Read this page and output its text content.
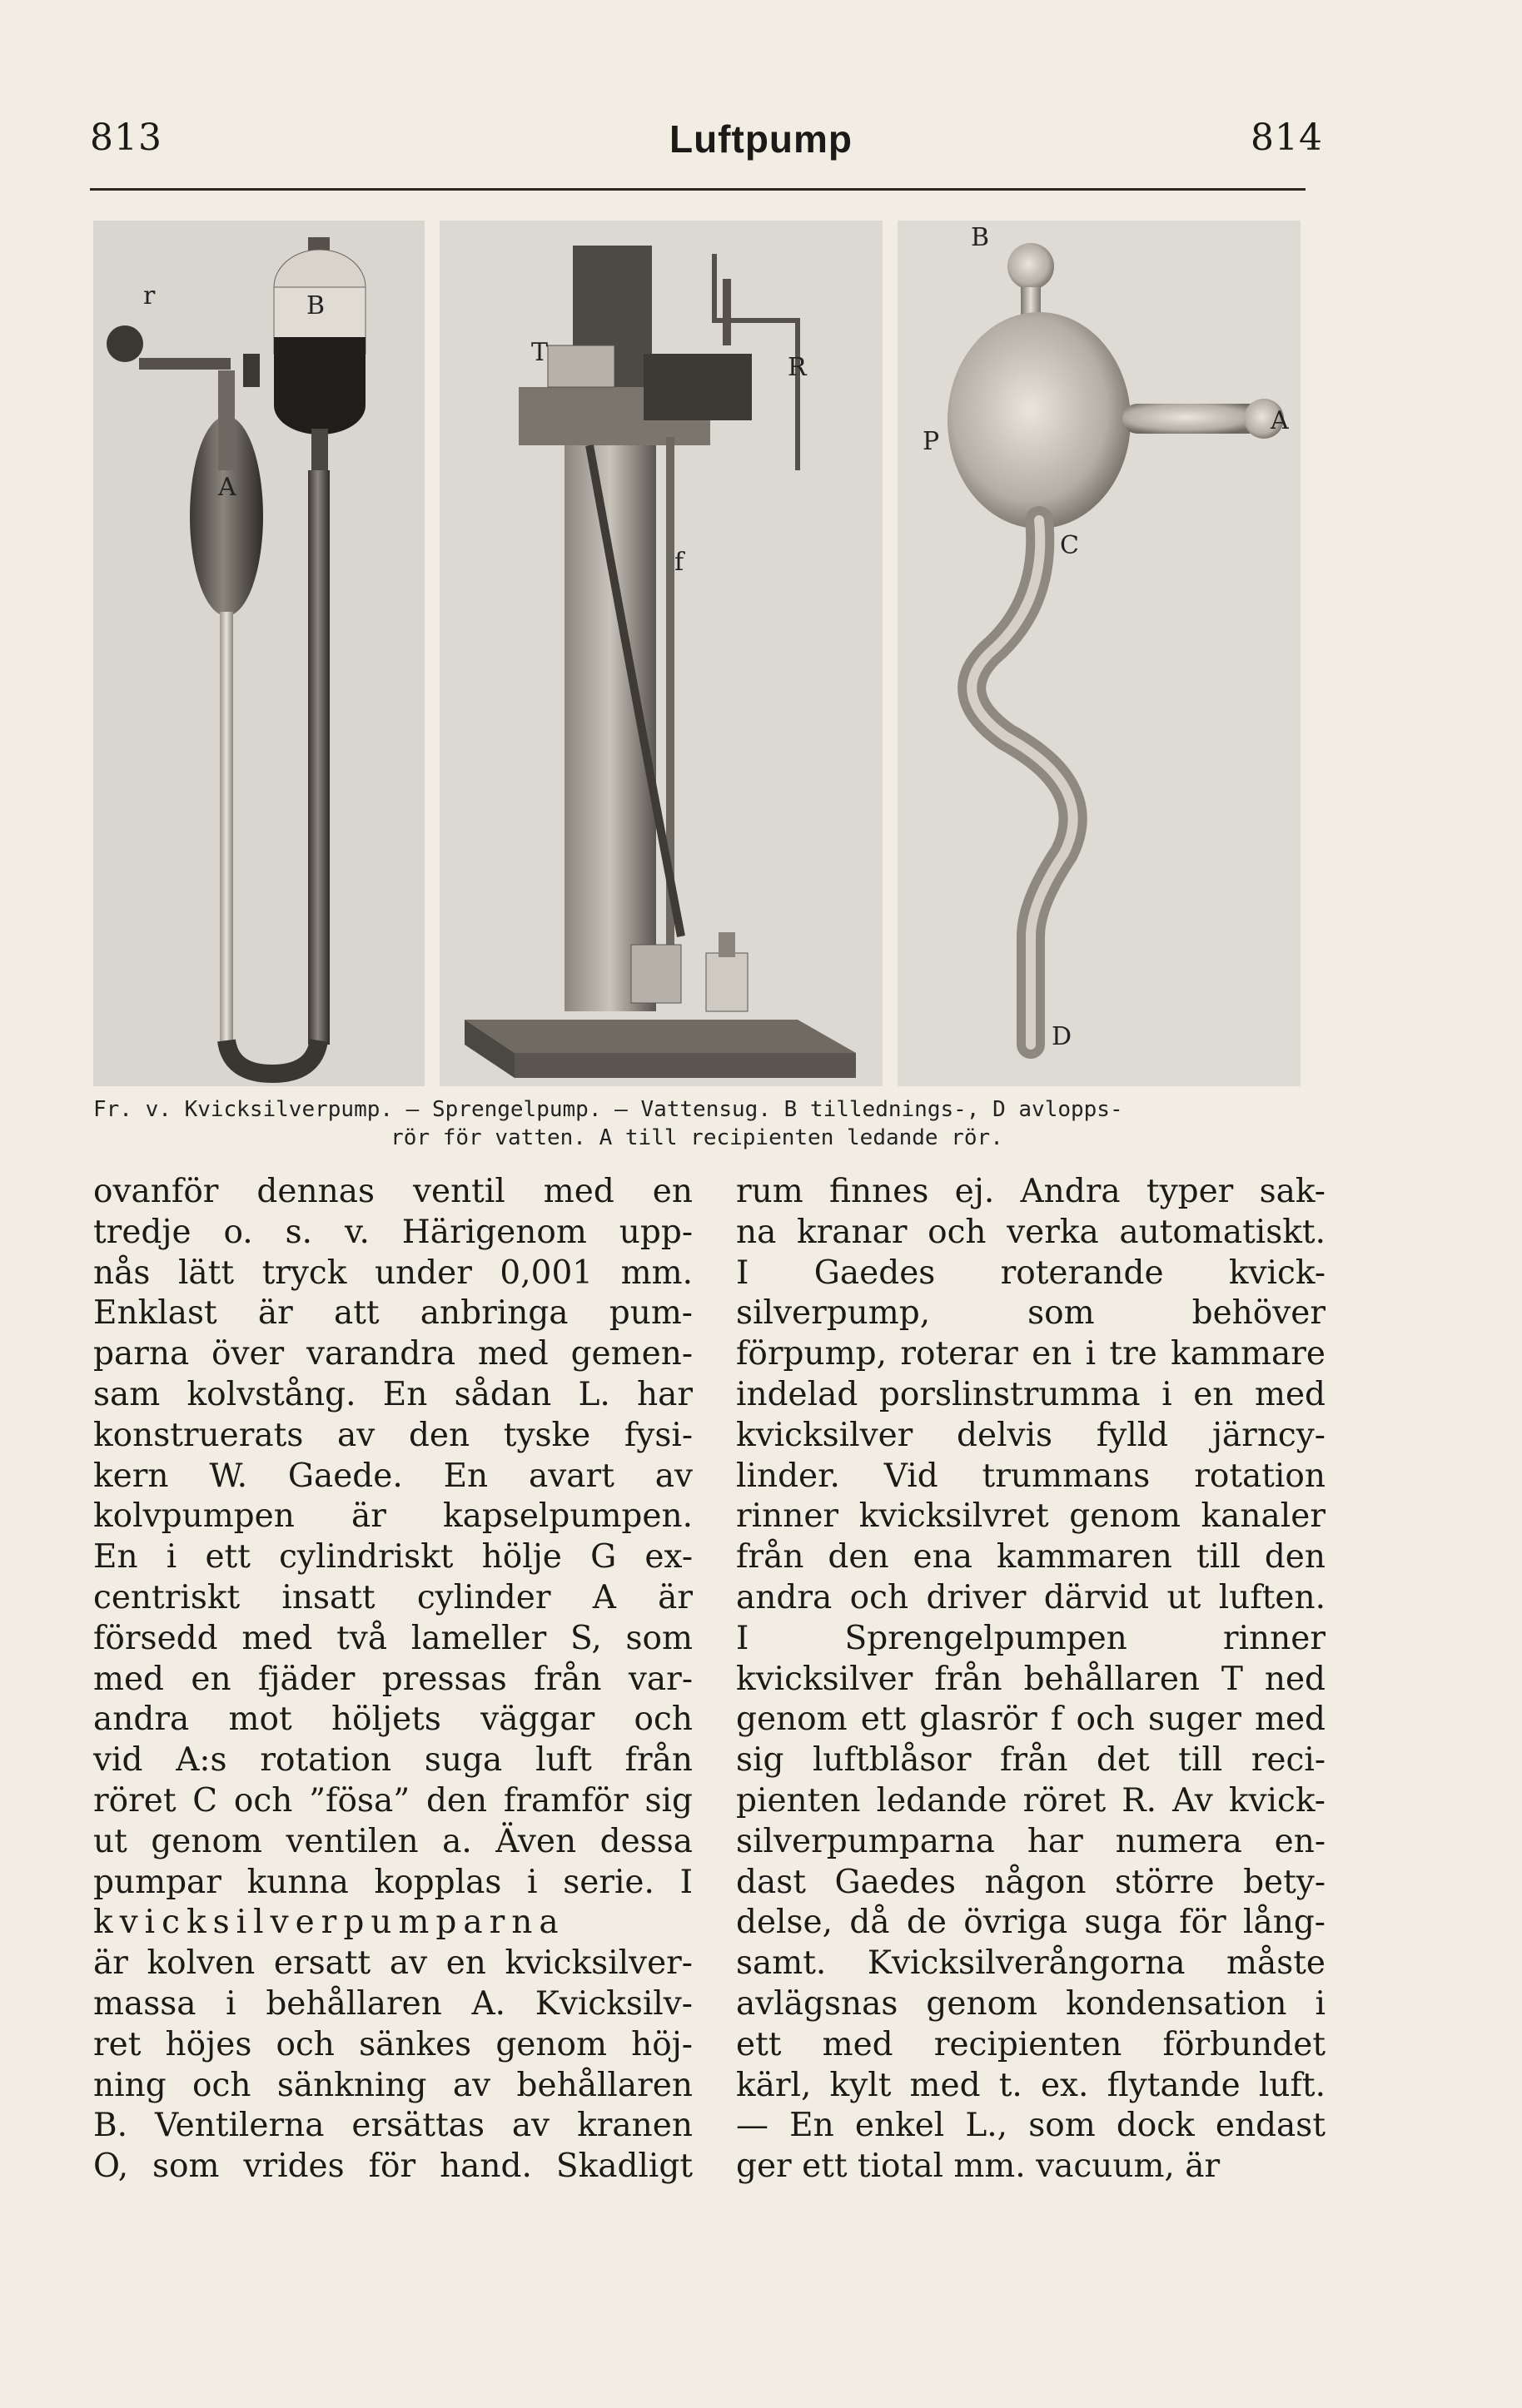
813	Luftpump	814
r	B
A
T
R
f
B
P
A
C
D
Fr. v. Kvicksilverpump. — Sprengelpump. — Vattensug. B tillednings-, D avlopps-
rör för vatten. A till recipienten ledande rör.
ovanför dennas ventil med en
tredje o. s. v. Härigenom upp-
nås lätt tryck under 0,001 mm.
Enklast är att anbringa pum-
parna över varandra med gemen-
sam kolvstång. En sådan L. har
konstruerats av den tyske fysi-
kern W. Gaede. En avart av
kolvpumpen är kapselpumpen.
En i ett cylindriskt hölje G ex-
centriskt insatt cylinder A är
försedd med två lameller S, som
med en fjäder pressas från var-
andra mot höljets väggar och
vid A:s rotation suga luft från
röret C och ”fösa” den framför sig
ut genom ventilen a. Även dessa
pumpar kunna kopplas i serie. I
kvicksilverpumparna
är kolven ersatt av en kvicksilver-
massa i behållaren A. Kvicksilv-
ret höjes och sänkes genom höj-
ning och sänkning av behållaren
B. Ventilerna ersättas av kranen
O, som vrides för hand. Skadligt
rum finnes ej. Andra typer sak-
na kranar och verka automatiskt.
I Gaedes roterande kvick-
silverpump, som behöver
förpump, roterar en i tre kammare
indelad porslinstrumma i en med
kvicksilver delvis fylld järncy-
linder. Vid trummans rotation
rinner kvicksilvret genom kanaler
från den ena kammaren till den
andra och driver därvid ut luften.
I Sprengelpumpen rinner
kvicksilver från behållaren T ned
genom ett glasrör f och suger med
sig luftblåsor från det till reci-
pienten ledande röret R. Av kvick-
silverpumparna har numera en-
dast Gaedes någon större bety-
delse, då de övriga suga för lång-
samt. Kvicksilverångorna måste
avlägsnas genom kondensation i
ett med recipienten förbundet
kärl, kylt med t. ex. flytande luft.
— En enkel L., som dock endast
ger ett tiotal mm. vacuum, är
